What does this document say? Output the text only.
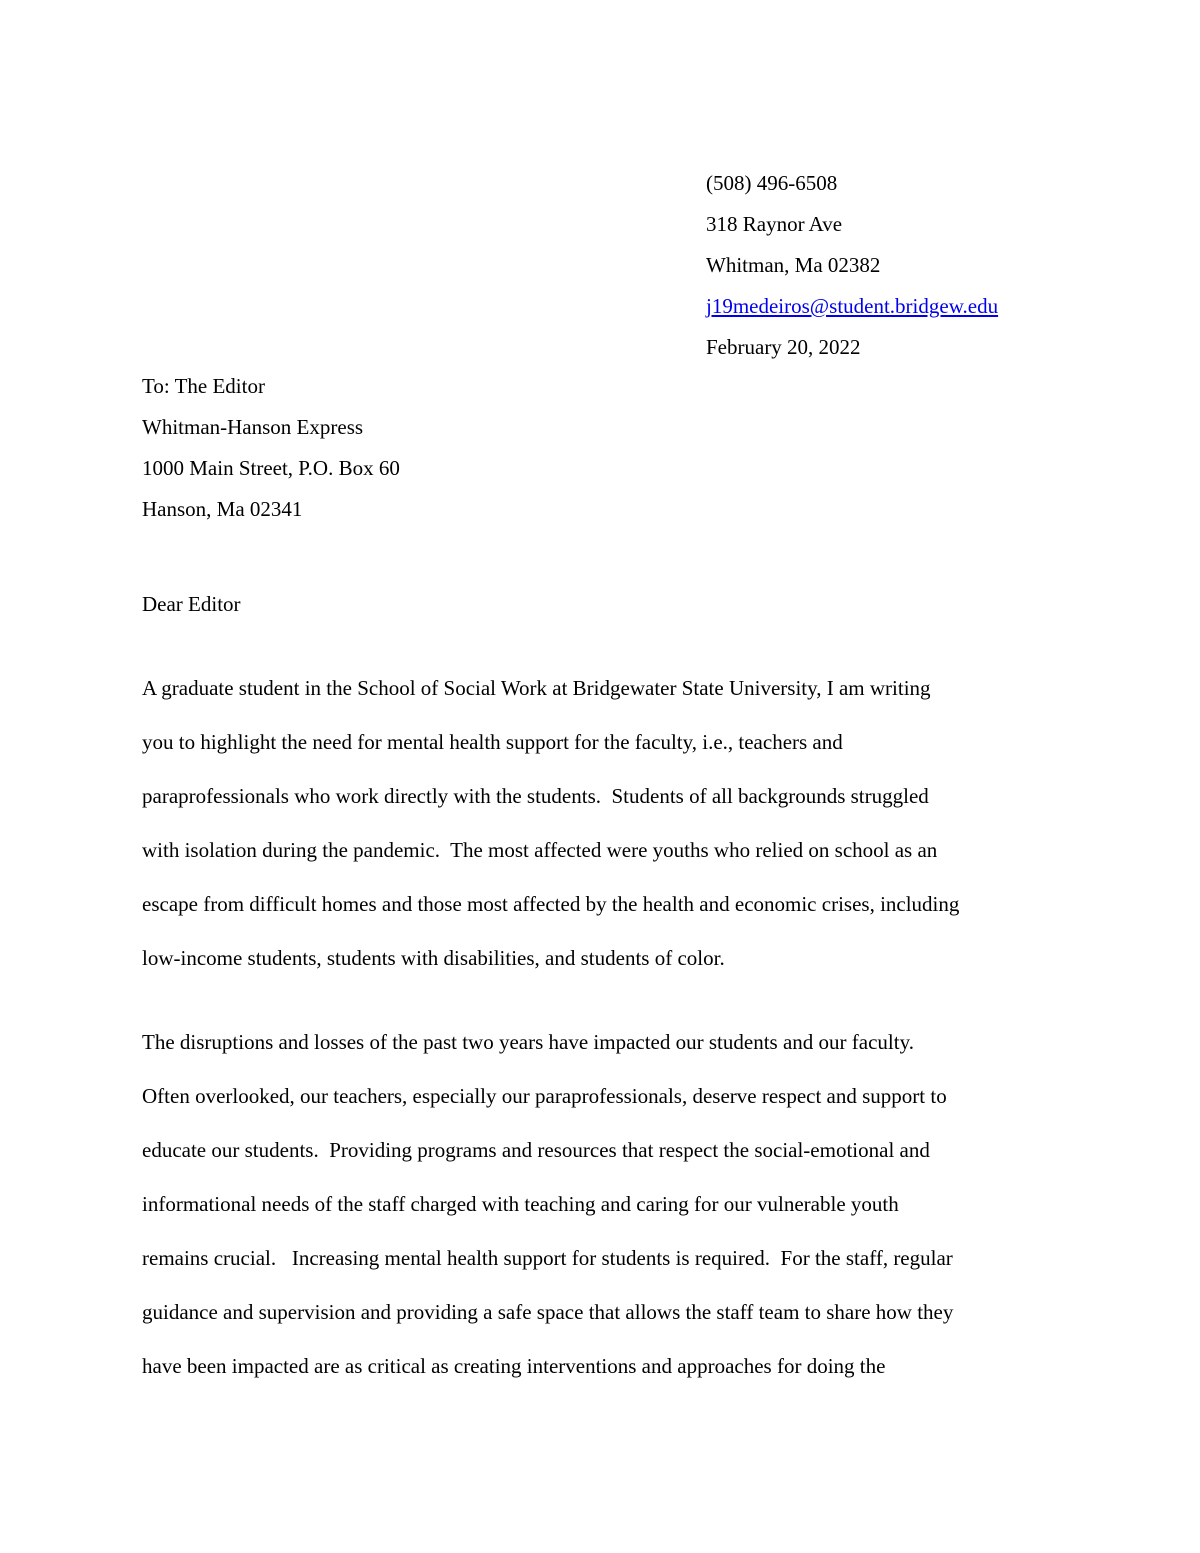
(508) 496-6508
318 Raynor Ave
Whitman, Ma 02382
j19medeiros@student.bridgew.edu
February 20, 2022
To: The Editor
Whitman-Hanson Express
1000 Main Street, P.O. Box 60
Hanson, Ma 02341
Dear Editor
A graduate student in the School of Social Work at Bridgewater State University, I am writing
you to highlight the need for mental health support for the faculty, i.e., teachers and
paraprofessionals who work directly with the students.  Students of all backgrounds struggled
with isolation during the pandemic.  The most affected were youths who relied on school as an
escape from difficult homes and those most affected by the health and economic crises, including
low-income students, students with disabilities, and students of color.
The disruptions and losses of the past two years have impacted our students and our faculty.
Often overlooked, our teachers, especially our paraprofessionals, deserve respect and support to
educate our students.  Providing programs and resources that respect the social-emotional and
informational needs of the staff charged with teaching and caring for our vulnerable youth
remains crucial.   Increasing mental health support for students is required.  For the staff, regular
guidance and supervision and providing a safe space that allows the staff team to share how they
have been impacted are as critical as creating interventions and approaches for doing the
